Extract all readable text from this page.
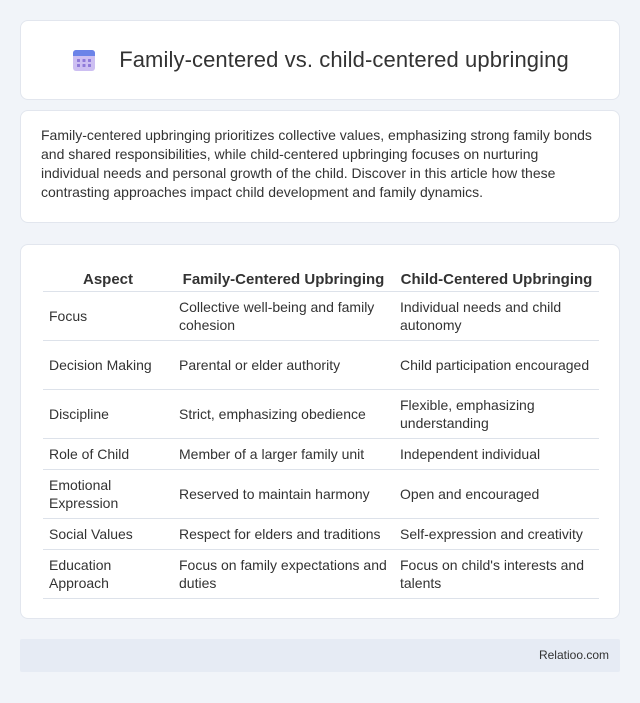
Family-centered vs. child-centered upbringing

Family-centered upbringing prioritizes collective values, emphasizing strong family bonds and shared responsibilities, while child-centered upbringing focuses on nurturing individual needs and personal growth of the child. Discover in this article how these contrasting approaches impact child development and family dynamics.

Aspect	Family-Centered Upbringing	Child-Centered Upbringing
Focus	Collective well-being and family cohesion	Individual needs and child autonomy
Decision Making	Parental or elder authority	Child participation encouraged
Discipline	Strict, emphasizing obedience	Flexible, emphasizing understanding
Role of Child	Member of a larger family unit	Independent individual
Emotional Expression	Reserved to maintain harmony	Open and encouraged
Social Values	Respect for elders and traditions	Self-expression and creativity
Education Approach	Focus on family expectations and duties	Focus on child's interests and talents
Relatioo.com
